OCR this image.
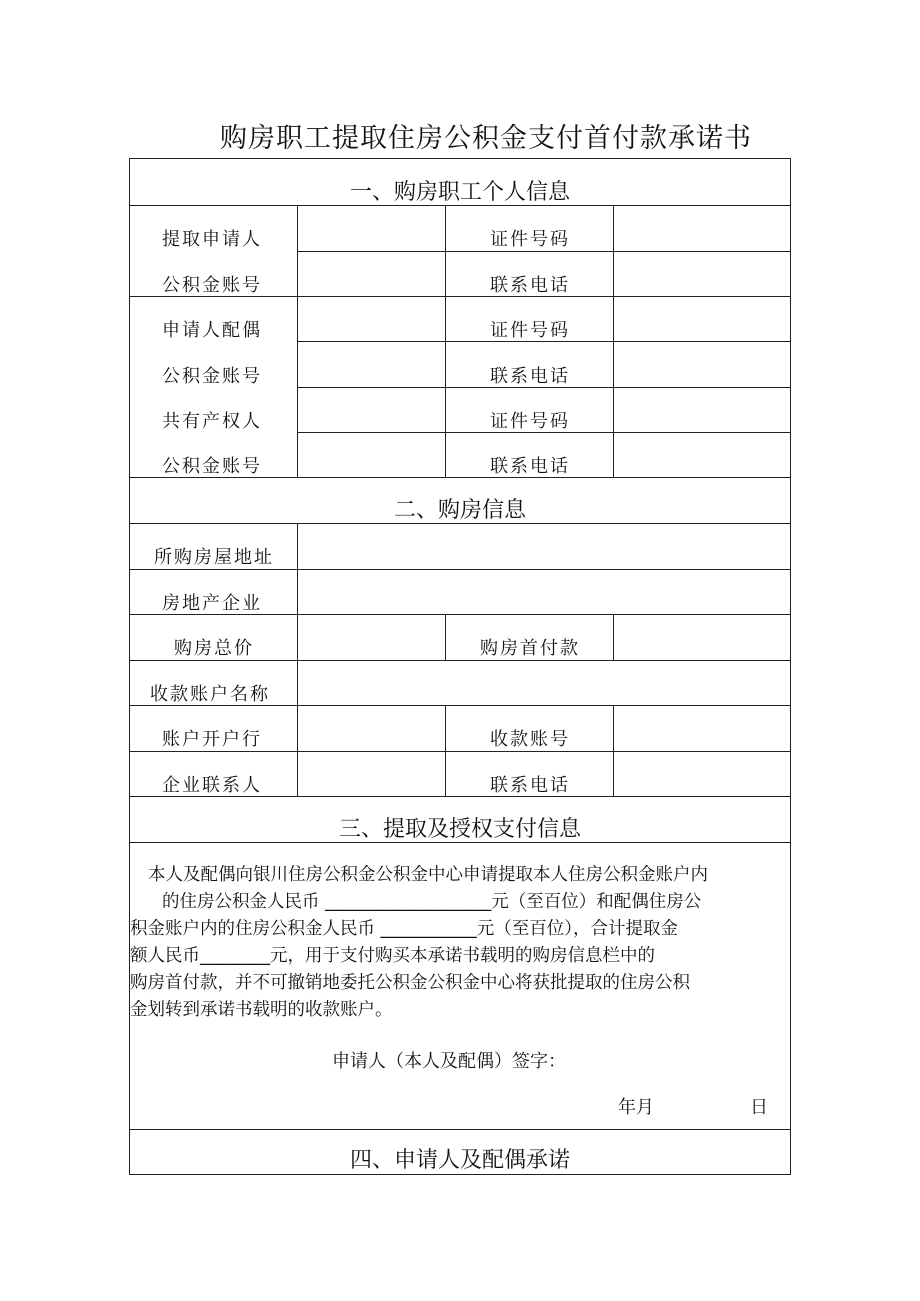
购房职工提取住房公积金支付首付款承诺书
一、购房职工个人信息
提取申请人	证件号码
公积金账号	联系电话
申请人配偶	证件号码
公积金账号	联系电话
共有产权人	证件号码
公积金账号	联系电话
二、购房信息
所购房屋地址
房地产企业
购房总价	购房首付款
收款账户名称
账户开户行	收款账号
企业联系人	联系电话
三、提取及授权支付信息
本人及配偶向银川住房公积金公积金中心申请提取本人住房公积金账户内
的住房公积金人民币 ___________________元（至百位）和配偶住房公
积金账户内的住房公积金人民币 ___________元（至百位），合计提取金
额人民币________元，用于支付购买本承诺书载明的购房信息栏中的
购房首付款，并不可撤销地委托公积金公积金中心将获批提取的住房公积
金划转到承诺书载明的收款账户。
申请人（本人及配偶）签字：
年月	日
四、申请人及配偶承诺
